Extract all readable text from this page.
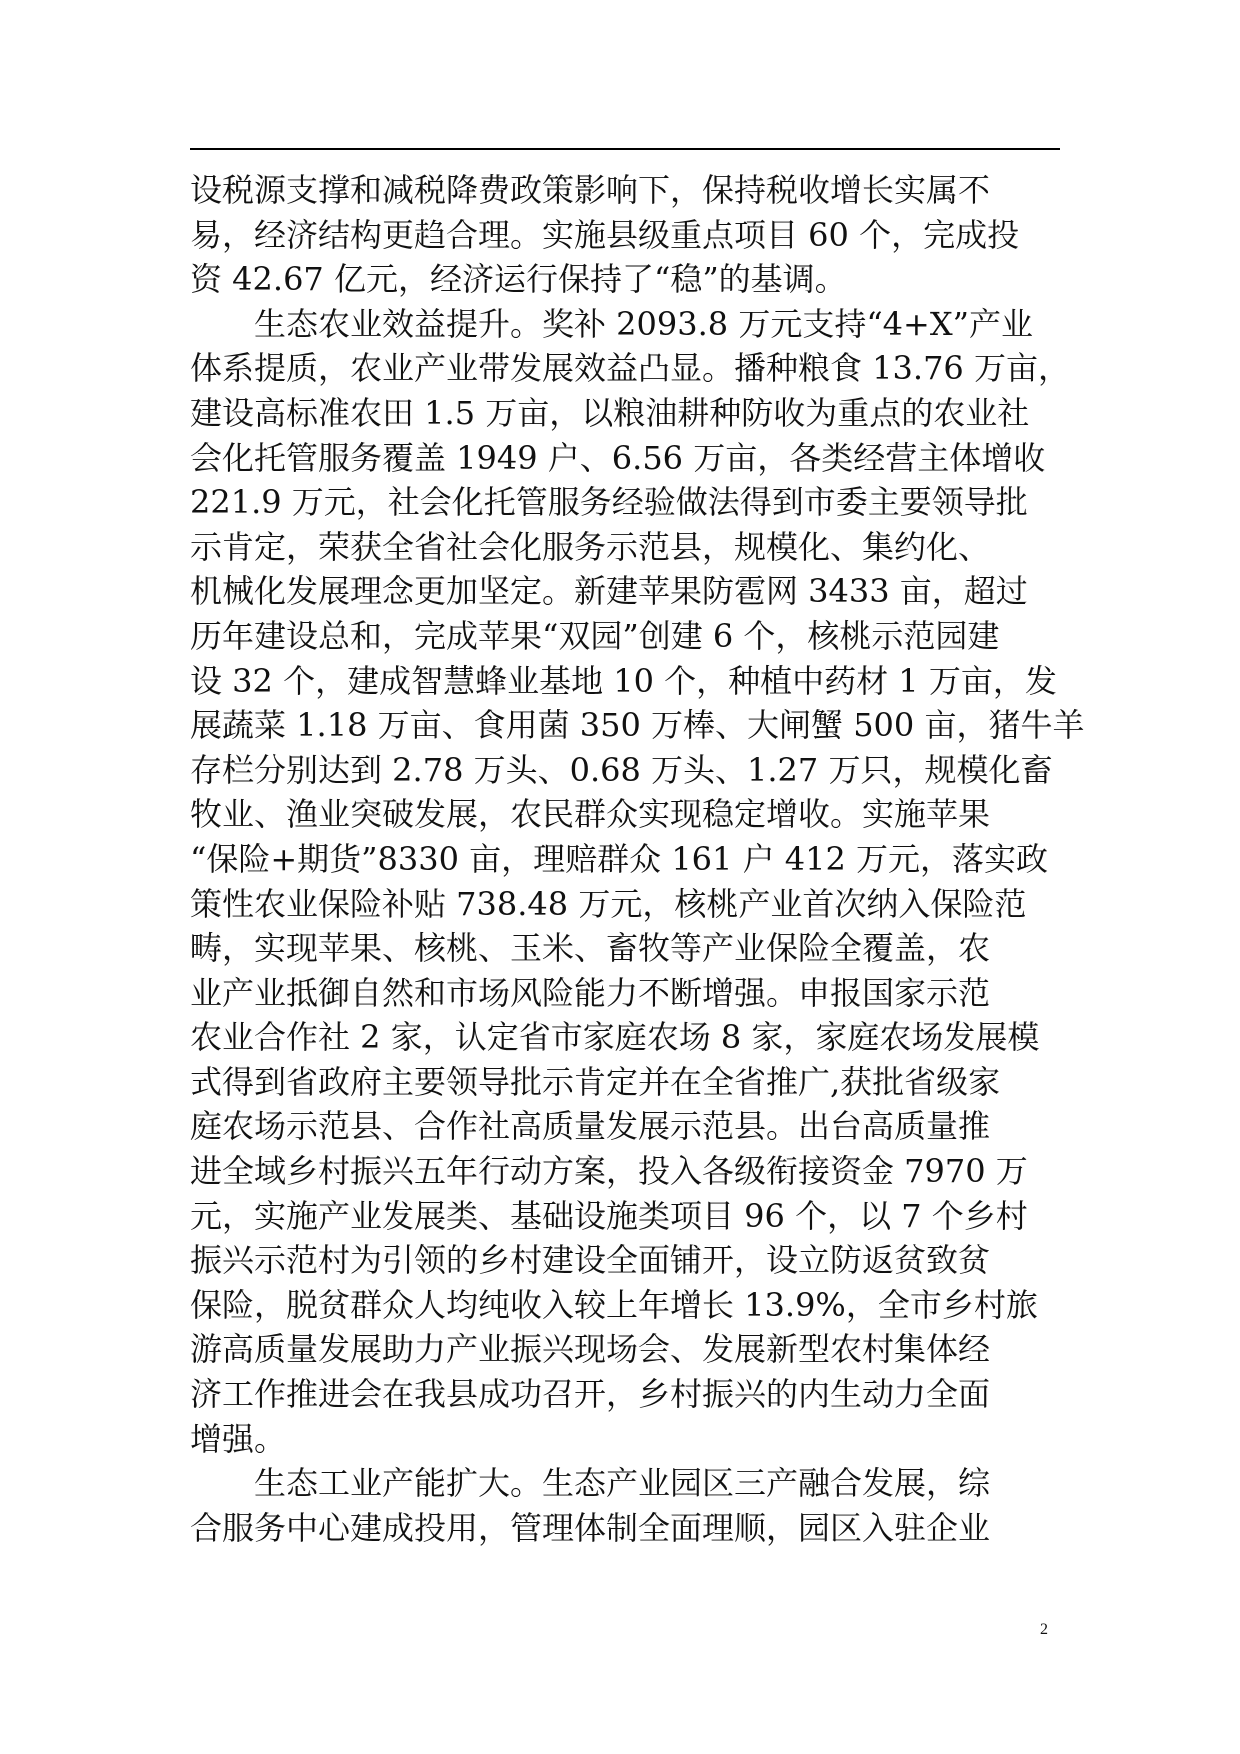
设税源支撑和减税降费政策影响下，保持税收增长实属不
易，经济结构更趋合理。实施县级重点项目 60 个，完成投
资 42.67 亿元，经济运行保持了“稳”的基调。
　　生态农业效益提升。奖补 2093.8 万元支持“4+X”产业
体系提质，农业产业带发展效益凸显。播种粮食 13.76 万亩，
建设高标准农田 1.5 万亩，以粮油耕种防收为重点的农业社
会化托管服务覆盖 1949 户、6.56 万亩，各类经营主体增收
221.9 万元，社会化托管服务经验做法得到市委主要领导批
示肯定，荣获全省社会化服务示范县，规模化、集约化、
机械化发展理念更加坚定。新建苹果防雹网 3433 亩，超过
历年建设总和，完成苹果“双园”创建 6 个，核桃示范园建
设 32 个，建成智慧蜂业基地 10 个，种植中药材 1 万亩，发
展蔬菜 1.18 万亩、食用菌 350 万棒、大闸蟹 500 亩，猪牛羊
存栏分别达到 2.78 万头、0.68 万头、1.27 万只，规模化畜
牧业、渔业突破发展，农民群众实现稳定增收。实施苹果
“保险+期货”8330 亩，理赔群众 161 户 412 万元，落实政
策性农业保险补贴 738.48 万元，核桃产业首次纳入保险范
畴，实现苹果、核桃、玉米、畜牧等产业保险全覆盖，农
业产业抵御自然和市场风险能力不断增强。申报国家示范
农业合作社 2 家，认定省市家庭农场 8 家，家庭农场发展模
式得到省政府主要领导批示肯定并在全省推广,获批省级家
庭农场示范县、合作社高质量发展示范县。出台高质量推
进全域乡村振兴五年行动方案，投入各级衔接资金 7970 万
元，实施产业发展类、基础设施类项目 96 个，以 7 个乡村
振兴示范村为引领的乡村建设全面铺开，设立防返贫致贫
保险，脱贫群众人均纯收入较上年增长 13.9%，全市乡村旅
游高质量发展助力产业振兴现场会、发展新型农村集体经
济工作推进会在我县成功召开，乡村振兴的内生动力全面
增强。
　　生态工业产能扩大。生态产业园区三产融合发展，综
合服务中心建成投用，管理体制全面理顺，园区入驻企业
2
